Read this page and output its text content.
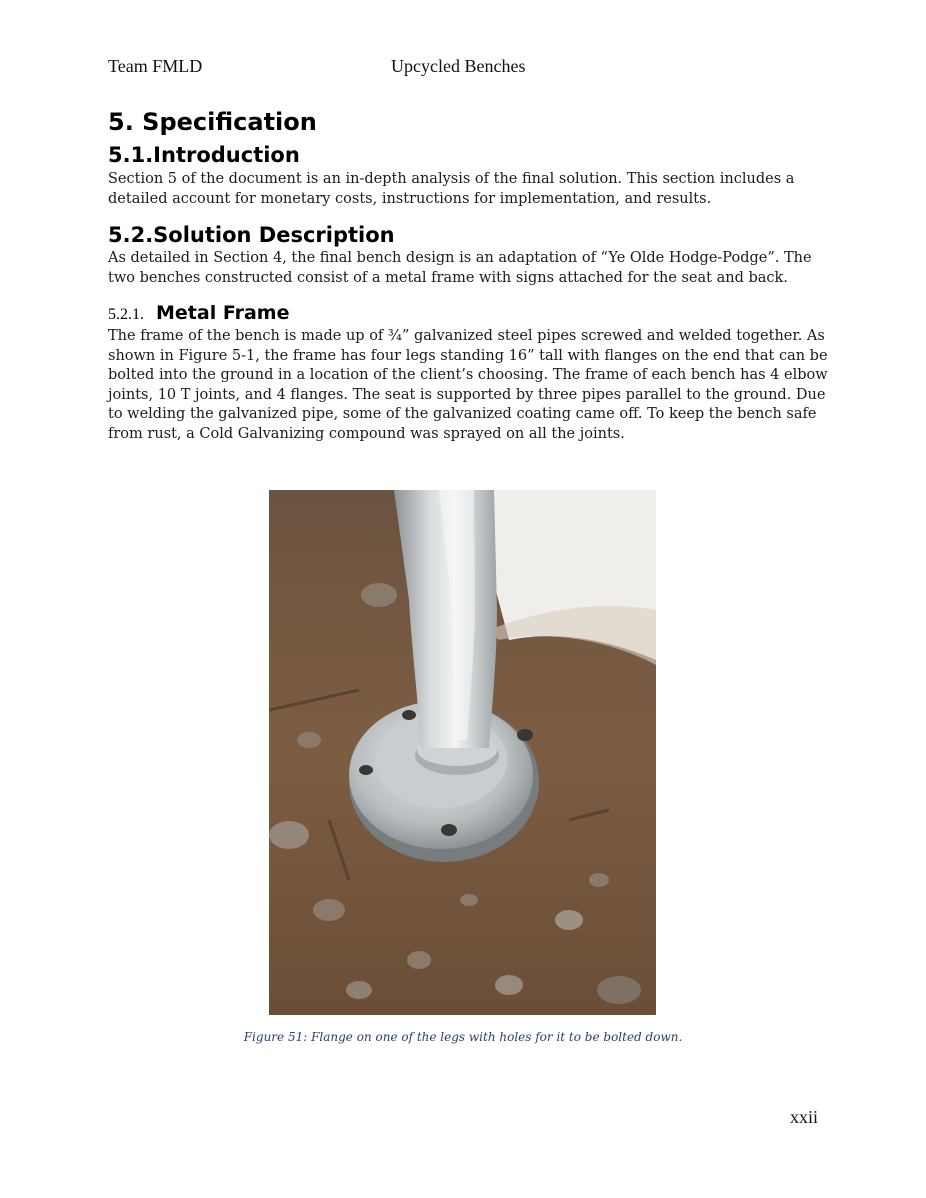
Team FMLD	Upcycled Benches
5. Specification
5.1.Introduction

Section 5 of the document is an in-depth analysis of the final solution. This section includes a detailed account for monetary costs, instructions for implementation, and results.

5.2.Solution Description

As detailed in Section 4, the final bench design is an adaptation of “Ye Olde Hodge-Podge”. The two benches constructed consist of a metal frame with signs attached for the seat and back.

5.2.1. Metal Frame

The frame of the bench is made up of ¾” galvanized steel pipes screwed and welded together. As shown in Figure 5-1, the frame has four legs standing 16” tall with flanges on the end that can be bolted into the ground in a location of the client’s choosing. The frame of each bench has 4 elbow joints, 10 T joints, and 4 flanges. The seat is supported by three pipes parallel to the ground. Due to welding the galvanized pipe, some of the galvanized coating came off. To keep the bench safe from rust, a Cold Galvanizing compound was sprayed on all the joints.

Figure 51: Flange on one of the legs with holes for it to be bolted down.
xxii
